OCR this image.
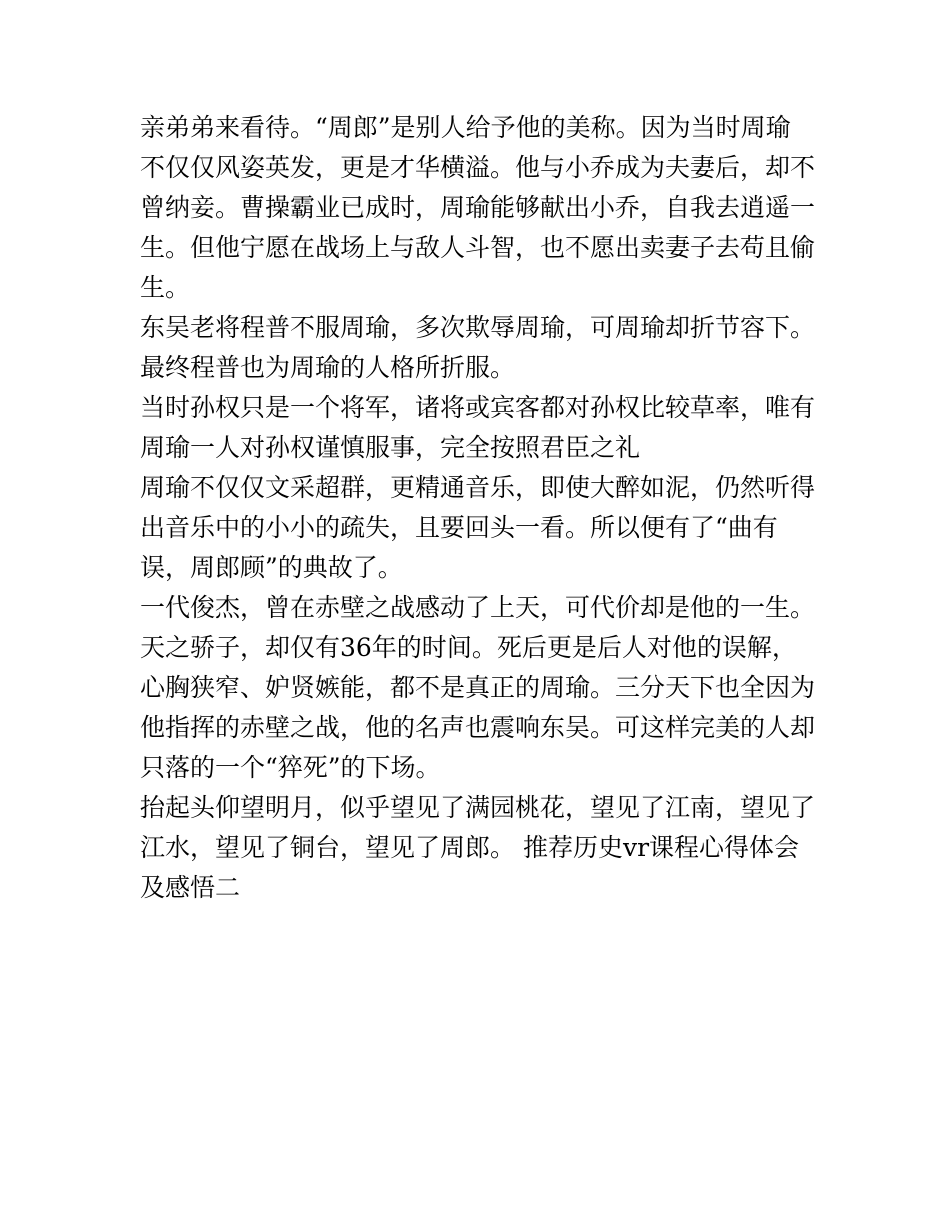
亲弟弟来看待。“周郎”是别人给予他的美称。因为当时周瑜不仅仅风姿英发，更是才华横溢。他与小乔成为夫妻后，却不曾纳妾。曹操霸业已成时，周瑜能够献出小乔，自我去逍遥一生。但他宁愿在战场上与敌人斗智，也不愿出卖妻子去苟且偷生。

东吴老将程普不服周瑜，多次欺辱周瑜，可周瑜却折节容下。最终程普也为周瑜的人格所折服。

当时孙权只是一个将军，诸将或宾客都对孙权比较草率，唯有周瑜一人对孙权谨慎服事，完全按照君臣之礼

周瑜不仅仅文采超群，更精通音乐，即使大醉如泥，仍然听得出音乐中的小小的疏失，且要回头一看。所以便有了“曲有误，周郎顾”的典故了。

一代俊杰，曾在赤壁之战感动了上天，可代价却是他的一生。天之骄子，却仅有36年的时间。死后更是后人对他的误解，心胸狭窄、妒贤嫉能，都不是真正的周瑜。三分天下也全因为他指挥的赤壁之战，他的名声也震响东吴。可这样完美的人却只落的一个“猝死”的下场。

抬起头仰望明月，似乎望见了满园桃花，望见了江南，望见了江水，望见了铜台，望见了周郎。 推荐历史vr课程心得体会及感悟二
